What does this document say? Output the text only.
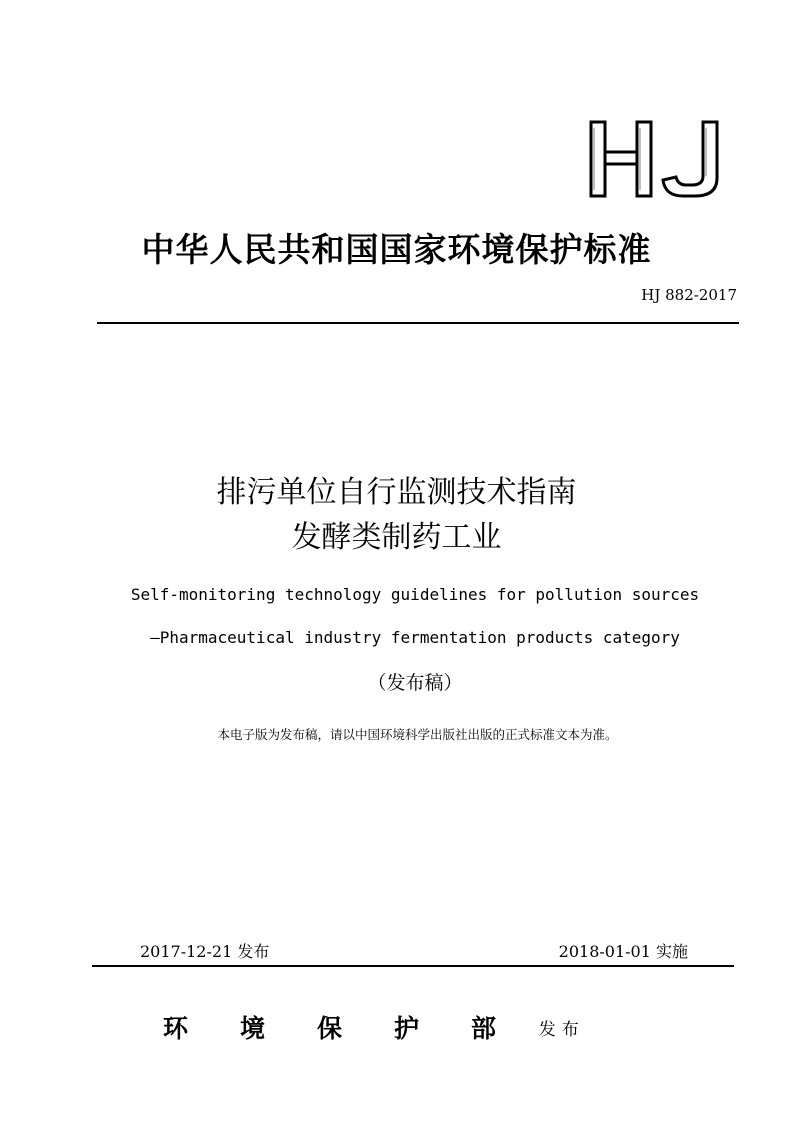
中华人民共和国国家环境保护标准
HJ 882-2017
排污单位自行监测技术指南
发酵类制药工业
Self-monitoring technology guidelines for pollution sources
—Pharmaceutical industry fermentation products category
（发布稿）
本电子版为发布稿，请以中国环境科学出版社出版的正式标准文本为准。
2017-12-21 发布	2018-01-01 实施
环境保护部 发布
